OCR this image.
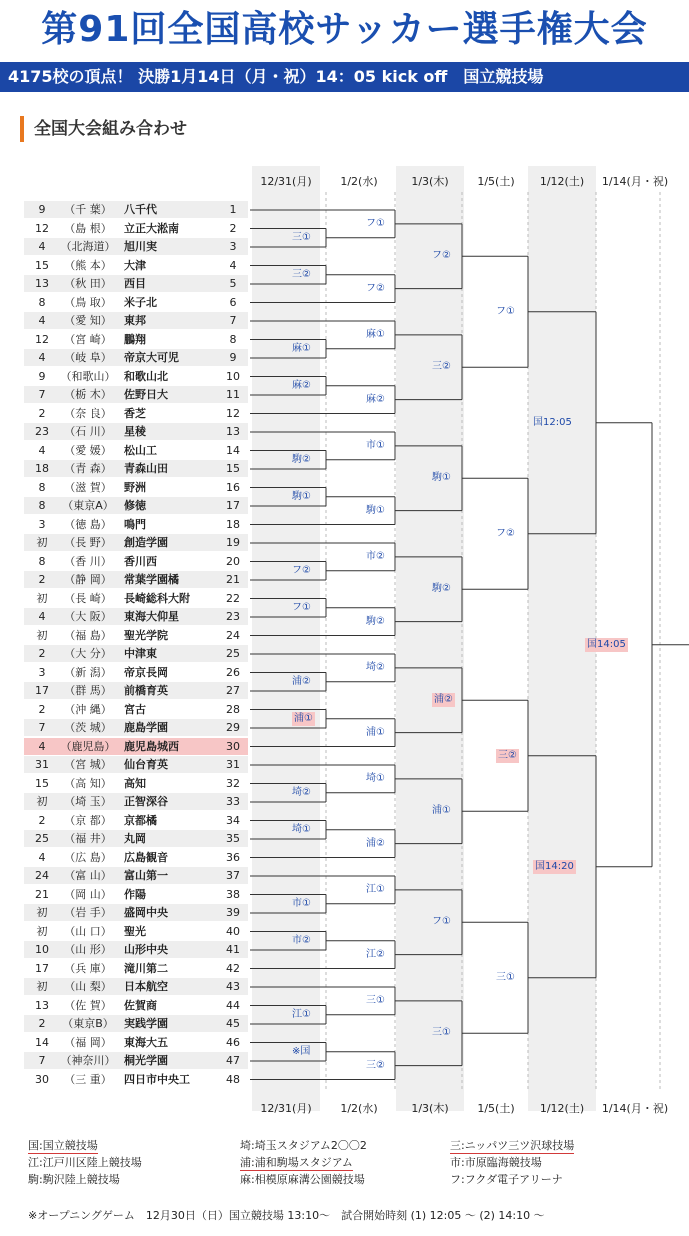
第91回全国高校サッカー選手権大会
4175校の頂点！ 決勝1月14日（月・祝）14：05 kick off　国立競技場
全国大会組み合わせ
12/31(月)	1/2(水)	1/3(木)	1/5(土)	1/12(土)	1/14(月・祝)
12/31(月)	1/2(水)	1/3(木)	1/5(土)	1/12(土)	1/14(月・祝)
9	（千 葉）	八千代	1
12	（島 根）	立正大淞南	2
4	（北海道） 旭川実	3
15	（熊 本）	大津	4
13	（秋 田）	西目	5
8	（鳥 取）	米子北	6
4	（愛 知）	東邦	7
12	（宮 崎）	鵬翔	8
4	（岐 阜）	帝京大可児	9
9	（和歌山） 和歌山北	10
7	（栃 木）	佐野日大	11
2	（奈 良）	香芝	12
23	（石 川）	星稜	13
4	（愛 媛）	松山工	14
18	（青 森）	青森山田	15
8	（滋 賀）	野洲	16
8	（東京A） 修徳	17
3	（徳 島）	鳴門	18
初	（長 野）	創造学園	19
8	（香 川）	香川西	20
2	（静 岡）	常葉学園橘	21
初	（長 崎）	長崎総科大附	22
4	（大 阪）	東海大仰星	23
初	（福 島）	聖光学院	24
2	（大 分）	中津東	25
3	（新 潟）	帝京長岡	26
17	（群 馬）	前橋育英	27
2	（沖 縄）	宮古	28
7	（茨 城）	鹿島学園	29
4	（鹿児島） 鹿児島城西	30
31	（宮 城）	仙台育英	31
15	（高 知）	高知	32
初	（埼 玉）	正智深谷	33
2	（京 都）	京都橘	34
25	（福 井）	丸岡	35
4	（広 島）	広島観音	36
24	（富 山）	富山第一	37
21	（岡 山）	作陽	38
初	（岩 手）	盛岡中央	39
初	（山 口）	聖光	40
10	（山 形）	山形中央	41
17	（兵 庫）	滝川第二	42
初	（山 梨）	日本航空	43
13	（佐 賀）	佐賀商	44
2	（東京B） 実践学園	45
14	（福 岡）	東海大五	46
7	（神奈川） 桐光学園	47
30	（三 重）	四日市中央工	48
三①
フ①
三②
フ②
麻①
麻①
麻②
麻②
駒②
市①
駒①
駒①
フ②
市②
フ①
駒②
浦②
埼②
浦①
浦①
埼②
埼①
埼①
浦②
市①
江①
市②
江②
江①
三①
※国
三②
フ②
三②
駒①
駒②
浦②
浦①
フ①
三①
フ①
フ②
三②
三①
国12:05
国14:20
国14:05
国:国立競技場	埼:埼玉スタジアム2〇〇2	三:ニッパツ三ツ沢球技場
江:江戸川区陸上競技場	浦:浦和駒場スタジアム	市:市原臨海競技場
駒:駒沢陸上競技場	麻:相模原麻溝公園競技場	フ:フクダ電子アリーナ
※オープニングゲーム　12月30日（日）国立競技場 13:10～　試合開始時刻 (1) 12:05 ～ (2) 14:10 ～
